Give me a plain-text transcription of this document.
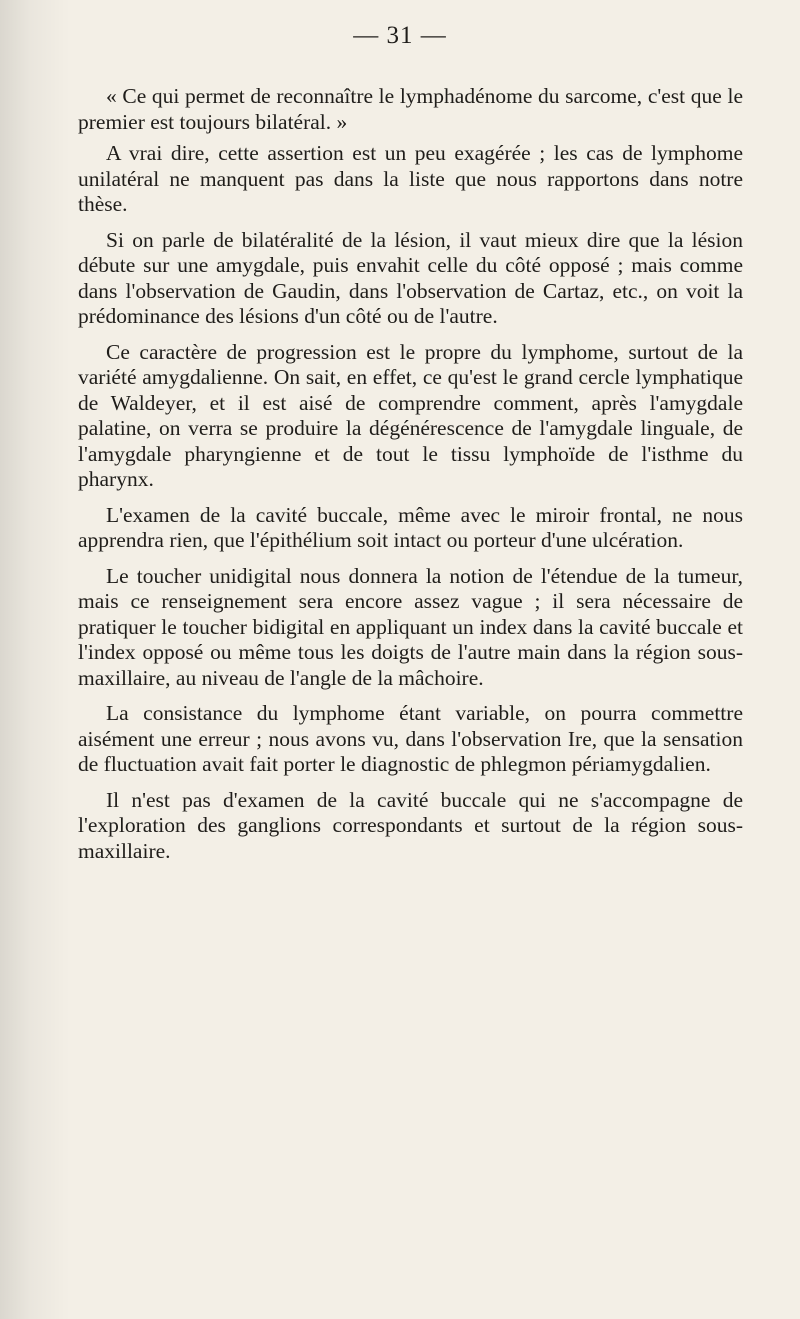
— 31 —

« Ce qui permet de reconnaître le lymphadénome du sarcome, c'est que le premier est toujours bilatéral. »

A vrai dire, cette assertion est un peu exagérée ; les cas de lymphome unilatéral ne manquent pas dans la liste que nous rapportons dans notre thèse.

Si on parle de bilatéralité de la lésion, il vaut mieux dire que la lésion débute sur une amygdale, puis envahit celle du côté opposé ; mais comme dans l'observation de Gaudin, dans l'observation de Cartaz, etc., on voit la prédominance des lésions d'un côté ou de l'autre.

Ce caractère de progression est le propre du lymphome, surtout de la variété amygdalienne. On sait, en effet, ce qu'est le grand cercle lymphatique de Waldeyer, et il est aisé de comprendre comment, après l'amygdale palatine, on verra se produire la dégénérescence de l'amygdale linguale, de l'amygdale pharyngienne et de tout le tissu lymphoïde de l'isthme du pharynx.

L'examen de la cavité buccale, même avec le miroir frontal, ne nous apprendra rien, que l'épithélium soit intact ou porteur d'une ulcération.

Le toucher unidigital nous donnera la notion de l'étendue de la tumeur, mais ce renseignement sera encore assez vague ; il sera nécessaire de pratiquer le toucher bidigital en appliquant un index dans la cavité buccale et l'index opposé ou même tous les doigts de l'autre main dans la région sous-maxillaire, au niveau de l'angle de la mâchoire.

La consistance du lymphome étant variable, on pourra commettre aisément une erreur ; nous avons vu, dans l'observation Ire, que la sensation de fluctuation avait fait porter le diagnostic de phlegmon périamygdalien.

Il n'est pas d'examen de la cavité buccale qui ne s'accompagne de l'exploration des ganglions correspondants et surtout de la région sous-maxillaire.
